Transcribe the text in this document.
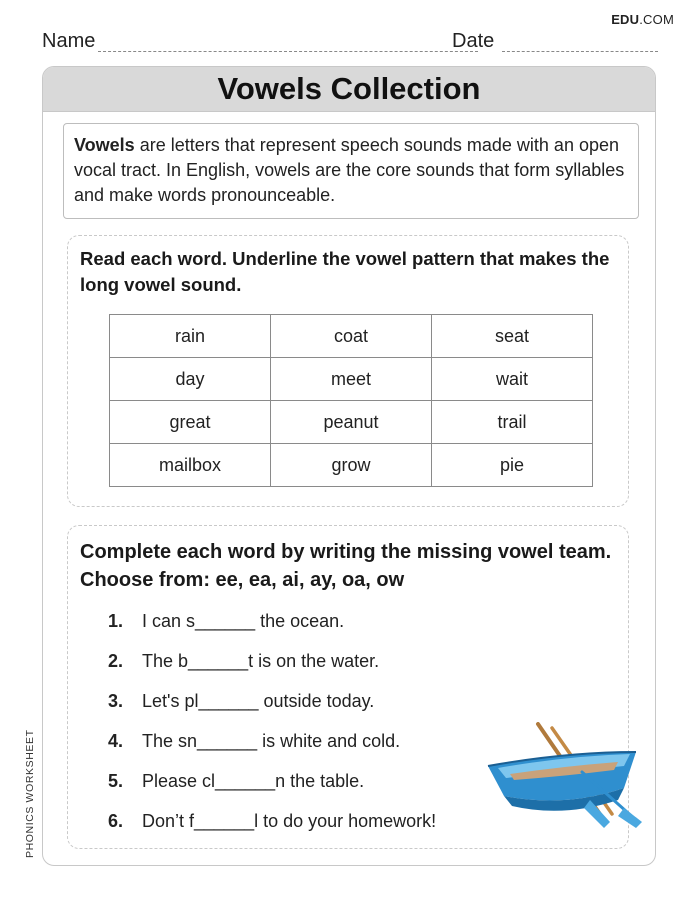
EDU.COM
Name	Date
Vowels Collection
Vowels are letters that represent speech sounds made with an open vocal tract. In English, vowels are the core sounds that form syllables and make words pronounceable.
Read each word. Underline the vowel pattern that makes the long vowel sound.
rain	coat	seat
day	meet	wait
great	peanut	trail
mailbox	grow	pie
Complete each word by writing the missing vowel team. Choose from: ee, ea, ai, ay, oa, ow
1. I can s______ the ocean.
2. The b______t is on the water.
3. Let's pl______ outside today.
4. The sn______ is white and cold.
5. Please cl______n the table.
6. Don’t f______l to do your homework!
PHONICS WORKSHEET
